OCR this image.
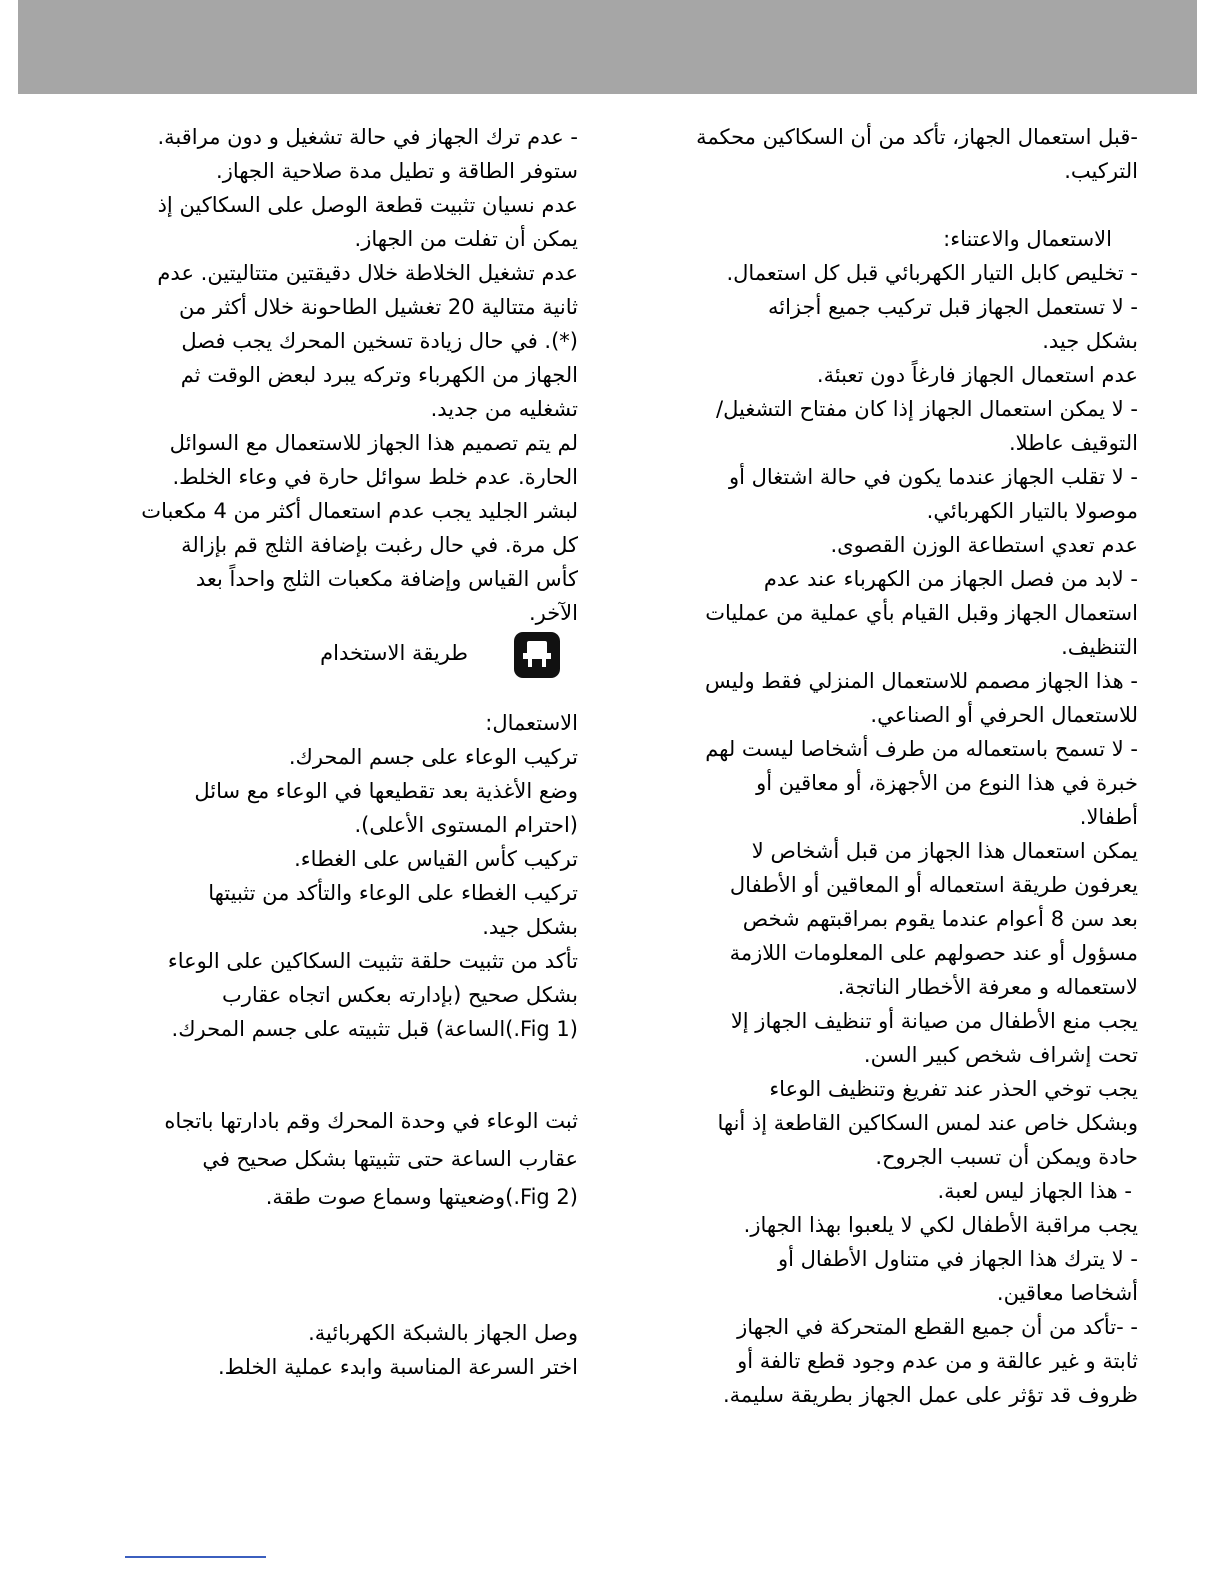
-قبل استعمال الجهاز، تأكد من أن السكاكين محكمة
التركيب.
الاستعمال والاعتناء:
- تخليص كابل التيار الكهربائي قبل كل استعمال.
- لا تستعمل الجهاز قبل تركيب جميع أجزائه
بشكل جيد.
عدم استعمال الجهاز فارغاً دون تعبئة.
- لا يمكن استعمال الجهاز إذا كان مفتاح التشغيل/
التوقيف عاطلا.
- لا تقلب الجهاز عندما يكون في حالة اشتغال أو
موصولا بالتيار الكهربائي.
عدم تعدي استطاعة الوزن القصوى.
- لابد من فصل الجهاز من الكهرباء عند عدم
استعمال الجهاز وقبل القيام بأي عملية من عمليات
التنظيف.
- هذا الجهاز مصمم للاستعمال المنزلي فقط وليس
للاستعمال الحرفي أو الصناعي.
- لا تسمح باستعماله من طرف أشخاصا ليست لهم
خبرة في هذا النوع من الأجهزة، أو معاقين أو
أطفالا.
يمكن استعمال هذا الجهاز من قبل أشخاص لا
يعرفون طريقة استعماله أو المعاقين أو الأطفال
بعد سن 8 أعوام عندما يقوم بمراقبتهم شخص
مسؤول أو عند حصولهم على المعلومات اللازمة
لاستعماله و معرفة الأخطار الناتجة.
يجب منع الأطفال من صيانة أو تنظيف الجهاز إلا
تحت إشراف شخص كبير السن.
يجب توخي الحذر عند تفريغ وتنظيف الوعاء
وبشكل خاص عند لمس السكاكين القاطعة إذ أنها
حادة ويمكن أن تسبب الجروح.
- هذا الجهاز ليس لعبة.
يجب مراقبة الأطفال لكي لا يلعبوا بهذا الجهاز.
- لا يترك هذا الجهاز في متناول الأطفال أو
أشخاصا معاقين.
- -تأكد من أن جميع القطع المتحركة في الجهاز
ثابتة و غير عالقة و من عدم وجود قطع تالفة أو
ظروف قد تؤثر على عمل الجهاز بطريقة سليمة.
- عدم ترك الجهاز في حالة تشغيل و دون مراقبة.
ستوفر الطاقة و تطيل مدة صلاحية الجهاز.
عدم نسيان تثبيت قطعة الوصل على السكاكين إذ
يمكن أن تفلت من الجهاز.
عدم تشغيل الخلاطة خلال دقيقتين متتاليتين. عدم
ثانية متتالية 20 تغشيل الطاحونة خلال أكثر من
(*). في حال زيادة تسخين المحرك يجب فصل
الجهاز من الكهرباء وتركه يبرد لبعض الوقت ثم
تشغليه من جديد.
لم يتم تصميم هذا الجهاز للاستعمال مع السوائل
الحارة. عدم خلط سوائل حارة في وعاء الخلط.
لبشر الجليد يجب عدم استعمال أكثر من 4 مكعبات
كل مرة. في حال رغبت بإضافة الثلج قم بإزالة
كأس القياس وإضافة مكعبات الثلج واحداً بعد
الآخر.
طريقة الاستخدام
الاستعمال:
تركيب الوعاء على جسم المحرك.
وضع الأغذية بعد تقطيعها في الوعاء مع سائل
(احترام المستوى الأعلى).
تركيب كأس القياس على الغطاء.
تركيب الغطاء على الوعاء والتأكد من تثبيتها
بشكل جيد.
تأكد من تثبيت حلقة تثبيت السكاكين على الوعاء
بشكل صحيح (بإدارته بعكس اتجاه عقارب
(1 Fig.)الساعة) قبل تثبيته على جسم المحرك.
ثبت الوعاء في وحدة المحرك وقم بادارتها باتجاه
عقارب الساعة حتى تثبيتها بشكل صحيح في
(2 Fig.)وضعيتها وسماع صوت طقة.
وصل الجهاز بالشبكة الكهربائية.
اختر السرعة المناسبة وابدء عملية الخلط.
